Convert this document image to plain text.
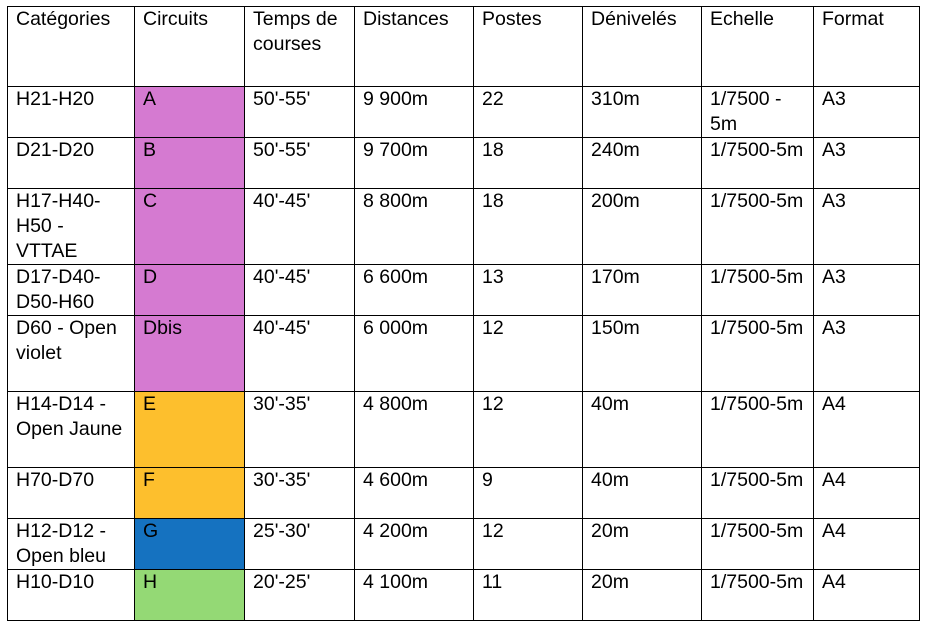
Catégories	Circuits	Temps de courses	Distances	Postes	Dénivelés	Echelle	Format
H21-H20	A	50'-55'	9 900m	22	310m	1/7500 - 5m	A3
D21-D20	B	50'-55'	9 700m	18	240m	1/7500-5m	A3
H17-H40-H50 - VTTAE	C	40'-45'	8 800m	18	200m	1/7500-5m	A3
D17-D40-D50-H60	D	40'-45'	6 600m	13	170m	1/7500-5m	A3
D60 - Open violet	Dbis	40'-45'	6 000m	12	150m	1/7500-5m	A3
H14-D14 - Open Jaune	E	30'-35'	4 800m	12	40m	1/7500-5m	A4
H70-D70	F	30'-35'	4 600m	9	40m	1/7500-5m	A4
H12-D12 - Open bleu	G	25'-30'	4 200m	12	20m	1/7500-5m	A4
H10-D10	H	20'-25'	4 100m	11	20m	1/7500-5m	A4
